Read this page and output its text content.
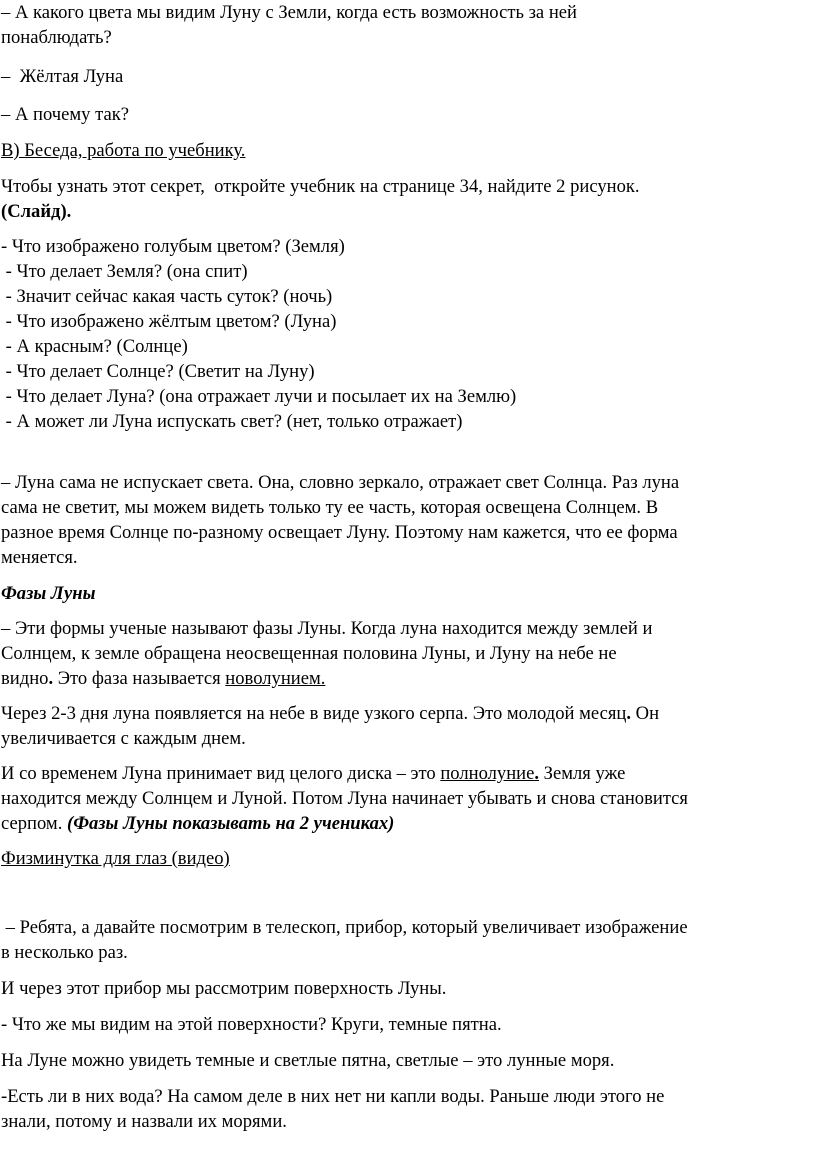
– А какого цвета мы видим Луну с Земли, когда есть возможность за ней

понаблюдать?

–  Жёлтая Луна

– А почему так?

В) Беседа, работа по учебнику.

Чтобы узнать этот секрет,  откройте учебник на странице 34, найдите 2 рисунок.

(Слайд).

- Что изображено голубым цветом? (Земля)

- Что делает Земля? (она спит)

- Значит сейчас какая часть суток? (ночь)

- Что изображено жёлтым цветом? (Луна)

- А красным? (Солнце)

- Что делает Солнце? (Светит на Луну)

- Что делает Луна? (она отражает лучи и посылает их на Землю)

- А может ли Луна испускать свет? (нет, только отражает)

– Луна сама не испускает света. Она, словно зеркало, отражает свет Солнца. Раз луна

сама не светит, мы можем видеть только ту ее часть, которая освещена Солнцем. В

разное время Солнце по-разному освещает Луну. Поэтому нам кажется, что ее форма

меняется.

Фазы Луны

– Эти формы ученые называют фазы Луны. Когда луна находится между землей и

Солнцем, к земле обращена неосвещенная половина Луны, и Луну на небе не

видно. Это фаза называется новолунием.

Через 2-3 дня луна появляется на небе в виде узкого серпа. Это молодой месяц. Он

увеличивается с каждым днем.

И со временем Луна принимает вид целого диска – это полнолуние. Земля уже

находится между Солнцем и Луной. Потом Луна начинает убывать и снова становится

серпом. (Фазы Луны показывать на 2 учениках)

Физминутка для глаз (видео)

– Ребята, а давайте посмотрим в телескоп, прибор, который увеличивает изображение

в несколько раз.

И через этот прибор мы рассмотрим поверхность Луны.

- Что же мы видим на этой поверхности? Круги, темные пятна.

На Луне можно увидеть темные и светлые пятна, светлые – это лунные моря.

-Есть ли в них вода? На самом деле в них нет ни капли воды. Раньше люди этого не

знали, потому и назвали их морями.
